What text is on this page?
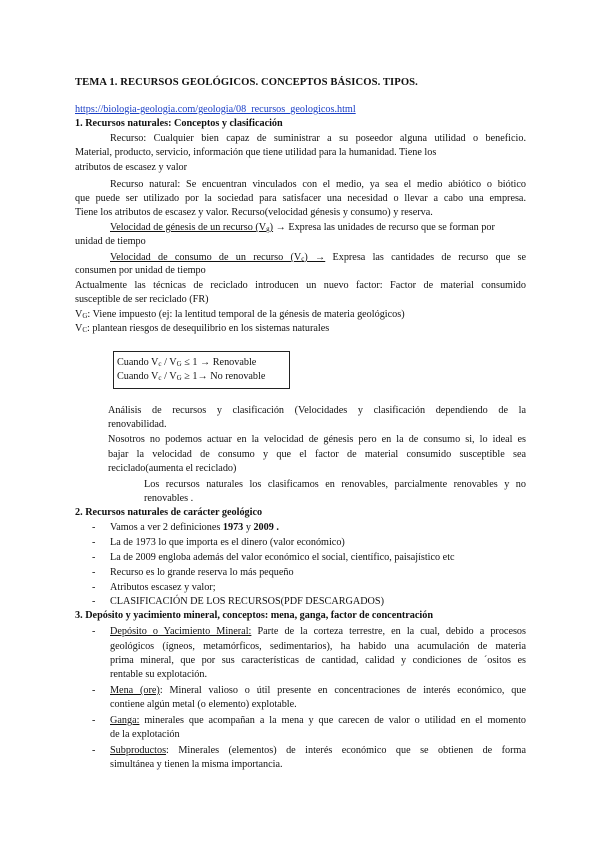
TEMA 1. RECURSOS GEOLÓGICOS. CONCEPTOS BÁSICOS. TIPOS.
https://biologia-geologia.com/geologia/08_recursos_geologicos.html
1. Recursos naturales: Conceptos y clasificación
Recurso: Cualquier bien capaz de suministrar a su poseedor alguna utilidad o beneficio.
Material, producto, servicio, información que tiene utilidad para la humanidad. Tiene los
atributos de escasez y valor
Recurso natural: Se encuentran vinculados con el medio, ya sea el medio abiótico o biótico
que puede ser utilizado por la sociedad para satisfacer una necesidad o llevar a cabo una empresa.
Tiene los atributos de escasez y valor. Recurso(velocidad génesis y consumo) y reserva.
Velocidad de génesis de un recurso $(V_g)$ → Expresa las unidades de recurso que se forman por
unidad de tiempo
Velocidad de consumo de un recurso $(V_c)$ → Expresa las cantidades de recurso que se
consumen por unidad de tiempo
Actualmente las técnicas de reciclado introducen un nuevo factor: Factor de material consumido
susceptible de ser reciclado (FR)
$V_G$: Viene impuesto (ej: la lentitud temporal de la génesis de materia geológicos)
$V_C$: plantean riesgos de desequilibrio en los sistemas naturales
Cuando $V_c / V_G \le 1$ → Renovable
Cuando $V_c / V_G \ge 1\to No$ renovable
Análisis de recursos y clasificación (Velocidades y clasificación dependiendo de la
renovabilidad.
Nosotros no podemos actuar en la velocidad de génesis pero en la de consumo si, lo ideal es
bajar la velocidad de consumo y que el factor de material consumido susceptible sea
reciclado(aumenta el reciclado)
Los recursos naturales los clasificamos en renovables, parcialmente renovables y no
renovables .
2. Recursos naturales de carácter geológico
- Vamos a ver 2 definiciones 1973 y 2009 .
- La de 1973 lo que importa es el dinero (valor económico)
- La de 2009 engloba además del valor económico el social, científico, paisajístico etc
- Recurso es lo grande reserva lo más pequeño
- Atributos escasez y valor;
- CLASIFICACIÓN DE LOS RECURSOS(PDF DESCARGADOS)
3. Depósito y yacimiento mineral, conceptos: mena, ganga, factor de concentración
- Depósito o Yacimiento Mineral: Parte de la corteza terrestre, en la cual, debido a procesos
geológicos (ígneos, metamórficos, sedimentarios), ha habido una acumulación de materia
prima mineral, que por sus características de cantidad, calidad y condiciones de ´ositos es
rentable su explotación.
- Mena (ore): Mineral valioso o útil presente en concentraciones de interés económico, que
contiene algún metal (o elemento) explotable.
- Ganga: minerales que acompañan a la mena y que carecen de valor o utilidad en el momento
de la explotación
- Subproductos: Minerales (elementos) de interés económico que se obtienen de forma
simultánea y tienen la misma importancia.
